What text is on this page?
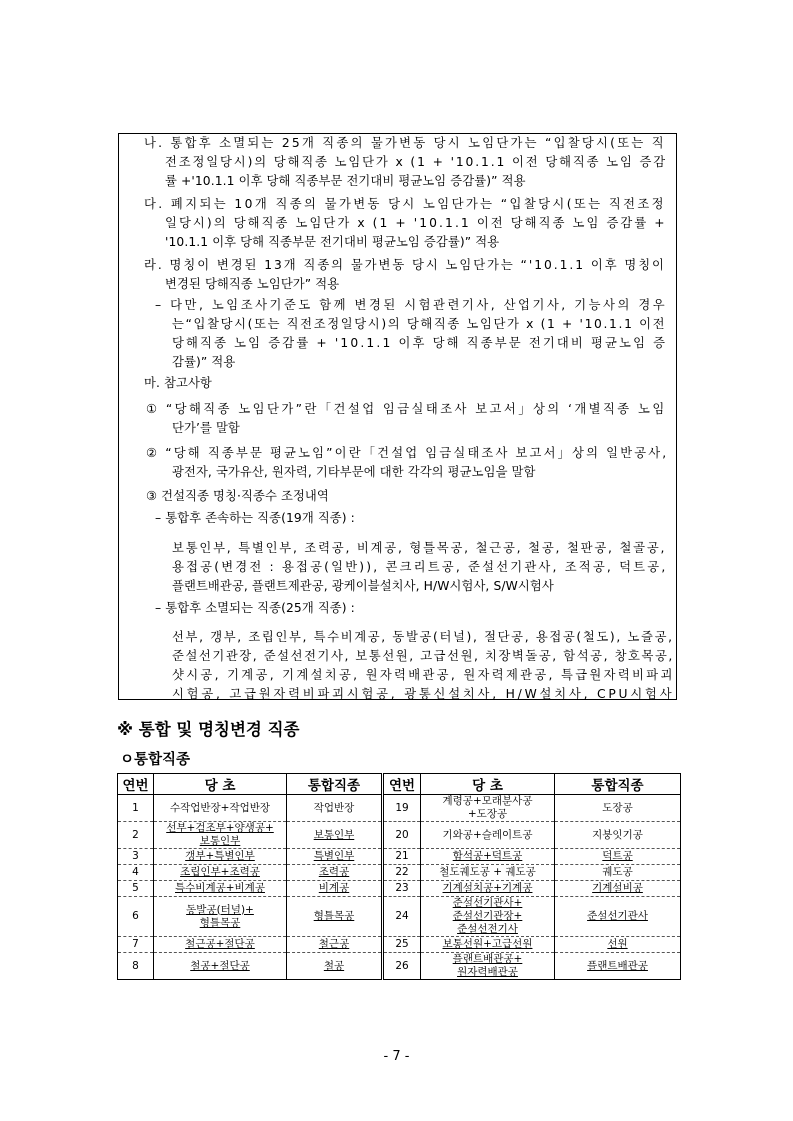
나. 통합후 소멸되는 25개 직종의 물가변동 당시 노임단가는 “입찰당시(또는 직
전조정일당시)의 당해직종 노임단가 x (1 + '10.1.1 이전 당해직종 노임 증감
률 +'10.1.1 이후 당해 직종부문 전기대비 평균노임 증감률)” 적용
다. 폐지되는 10개 직종의 물가변동 당시 노임단가는 “입찰당시(또는 직전조정
일당시)의 당해직종 노임단가 x (1 + '10.1.1 이전 당해직종 노임 증감률 +
'10.1.1 이후 당해 직종부문 전기대비 평균노임 증감률)” 적용
라. 명칭이 변경된 13개 직종의 물가변동 당시 노임단가는 “'10.1.1 이후 명칭이
변경된 당해직종 노임단가” 적용
– 다만, 노임조사기준도 함께 변경된 시험관련기사, 산업기사, 기능사의 경우
는“입찰당시(또는 직전조정일당시)의 당해직종 노임단가 x (1 + '10.1.1 이전
당해직종 노임 증감률 + '10.1.1 이후 당해 직종부문 전기대비 평균노임 증
감률)” 적용
마. 참고사항
① “당해직종 노임단가”란「건설업 임금실태조사 보고서」상의 ‘개별직종 노임
단가’를 말함
② “당해 직종부문 평균노임”이란「건설업 임금실태조사 보고서」상의 일반공사,
광전자, 국가유산, 원자력, 기타부문에 대한 각각의 평균노임을 말함
③ 건설직종 명칭·직종수 조정내역
– 통합후 존속하는 직종(19개 직종) :
보통인부, 특별인부, 조력공, 비계공, 형틀목공, 철근공, 철공, 철판공, 철골공,
용접공(변경전 : 용접공(일반)), 콘크리트공, 준설선기관사, 조적공, 덕트공,
플랜트배관공, 플랜트제관공, 광케이블설치사, H/W시험사, S/W시험사
– 통합후 소멸되는 직종(25개 직종) :
선부, 갱부, 조립인부, 특수비계공, 동발공(터널), 절단공, 용접공(철도), 노즐공,
준설선기관장, 준설선전기사, 보통선원, 고급선원, 치장벽돌공, 함석공, 창호목공,
샷시공, 기계공, 기계설치공, 원자력배관공, 원자력제관공, 특급원자력비파괴
시험공, 고급원자력비파괴시험공, 광통신설치사, H/W설치사, CPU시험사
※ 통합 및 명칭변경 직종
ㅇ통합직종
연번	당 초	통합직종	연번	당 초	통합직종
1	수작업반장+작업반장	작업반장	19	계령공+모래분사공
+도장공	도장공
2	선부+검조부+양생공+
보통인부	보통인부	20	기와공+슬레이트공	지붕잇기공
3	갱부+특별인부	특별인부	21	함석공+덕트공	덕트공
4	조립인부+조력공	조력공	22	철도궤도공 + 궤도공	궤도공
5	특수비계공+비계공	비계공	23	기계설치공+기계공	기계설비공
6	동발공(터널)+
형틀목공	형틀목공	24	준설선기관사+
준설선기관장+
준설선전기사	준설선기관사
7	철근공+절단공	철근공	25	보통선원+고급선원	선원
8	철공+절단공	철공	26	플랜트배관공+
원자력배관공	플랜트배관공
- 7 -
